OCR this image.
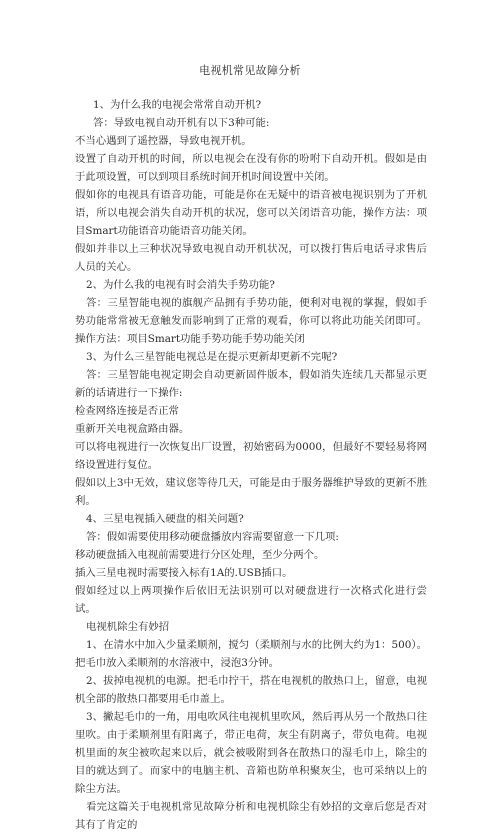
电视机常见故障分析

1、为什么我的电视会常常自动开机?

答：导致电视自动开机有以下3种可能:

不当心遇到了遥控器，导致电视开机。

设置了自动开机的时间，所以电视会在没有你的吩咐下自动开机。假如是由于此项设置，可以到项目系统时间开机时间设置中关闭。

假如你的电视具有语音功能，可能是你在无疑中的语音被电视识别为了开机语，所以电视会消失自动开机的状况，您可以关闭语音功能，操作方法：项目Smart功能语音功能语音功能关闭。

假如并非以上三种状况导致电视自动开机状况，可以拨打售后电话寻求售后人员的关心。

2、为什么我的电视有时会消失手势功能?

答：三星智能电视的旗舰产品拥有手势功能，便利对电视的掌握，假如手势功能常常被无意触发而影响到了正常的观看，你可以将此功能关闭即可。操作方法：项目Smart功能手势功能手势功能关闭

3、为什么三星智能电视总是在提示更新却更新不完呢?

答：三星智能电视定期会自动更新固件版本，假如消失连续几天都显示更新的话请进行一下操作:

检查网络连接是否正常

重新开关电视盒路由器。

可以将电视进行一次恢复出厂设置，初始密码为0000，但最好不要轻易将网络设置进行复位。

假如以上3中无效，建议您等待几天，可能是由于服务器维护导致的更新不胜利。

4、三星电视插入硬盘的相关问题?

答：假如需要使用移动硬盘播放内容需要留意一下几项:

移动硬盘插入电视前需要进行分区处理，至少分两个。

插入三星电视时需要接入标有1A的.USB插口。

假如经过以上两项操作后依旧无法识别可以对硬盘进行一次格式化进行尝试。

电视机除尘有妙招

1、在清水中加入少量柔顺剂，搅匀（柔顺剂与水的比例大约为1：500）。把毛巾放入柔顺剂的水溶液中，浸泡3分钟。

2、拔掉电视机的电源。把毛巾拧干，搭在电视机的散热口上，留意，电视机全部的散热口都要用毛巾盖上。

3、撇起毛巾的一角，用电吹风往电视机里吹风，然后再从另一个散热口往里吹。由于柔顺剂里有阳离子，带正电荷，灰尘有阴离子，带负电荷。电视机里面的灰尘被吹起来以后，就会被吸附到各在散热口的湿毛巾上，除尘的目的就达到了。而家中的电脑主机、音箱也防单积聚灰尘，也可采纳以上的除尘方法。

看完这篇关于电视机常见故障分析和电视机除尘有妙招的文章后您是否对其有了肯定的
